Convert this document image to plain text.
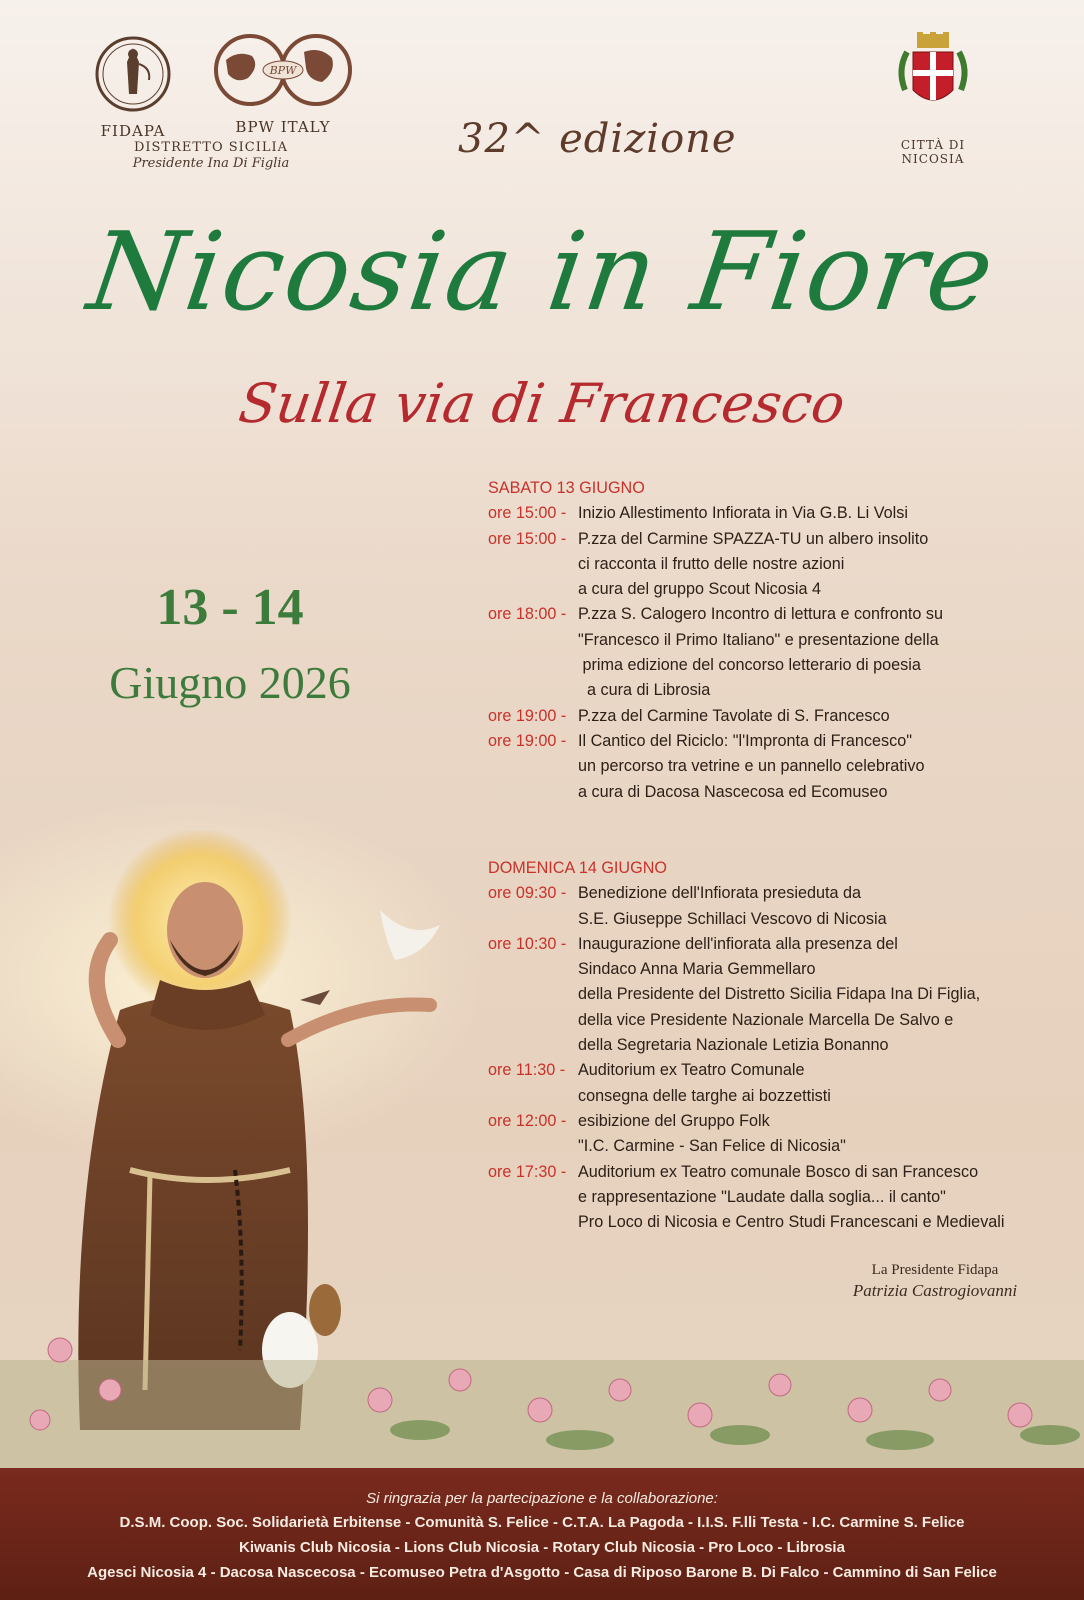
FIDAPA
DISTRETTO SICILIA
Presidente Ina Di Figlia
BPW
BPW ITALY
CITTÀ DI NICOSIA
32^ edizione
Nicosia in Fiore
Sulla via di Francesco
13 - 14
Giugno 2026
SABATO 13 GIUGNO
ore 15:00 - Inizio Allestimento Infiorata in Via G.B. Li Volsi
ore 15:00 - P.zza del Carmine SPAZZA-TU un albero insolito
ci racconta il frutto delle nostre azioni
a cura del gruppo Scout Nicosia 4
ore 18:00 - P.zza S. Calogero Incontro di lettura e confronto su
"Francesco il Primo Italiano" e presentazione della
prima edizione del concorso letterario di poesia
a cura di Librosia
ore 19:00 - P.zza del Carmine Tavolate di S. Francesco
ore 19:00 - Il Cantico del Riciclo: "l'Impronta di Francesco"
un percorso tra vetrine e un pannello celebrativo
a cura di Dacosa Nascecosa ed Ecomuseo
DOMENICA 14 GIUGNO
ore 09:30 - Benedizione dell'Infiorata presieduta da
S.E. Giuseppe Schillaci Vescovo di Nicosia
ore 10:30 - Inaugurazione dell'infiorata alla presenza del
Sindaco Anna Maria Gemmellaro
della Presidente del Distretto Sicilia Fidapa Ina Di Figlia,
della vice Presidente Nazionale Marcella De Salvo e
della Segretaria Nazionale Letizia Bonanno
ore 11:30 - Auditorium ex Teatro Comunale
consegna delle targhe ai bozzettisti
ore 12:00 - esibizione del Gruppo Folk
"I.C. Carmine - San Felice di Nicosia"
ore 17:30 - Auditorium ex Teatro comunale Bosco di san Francesco
e rappresentazione "Laudate dalla soglia... il canto"
Pro Loco di Nicosia e Centro Studi Francescani e Medievali
La Presidente Fidapa
Patrizia Castrogiovanni
Si ringrazia per la partecipazione e la collaborazione:
D.S.M. Coop. Soc. Solidarietà Erbitense - Comunità S. Felice - C.T.A. La Pagoda - I.I.S. F.lli Testa - I.C. Carmine S. Felice
Kiwanis Club Nicosia - Lions Club Nicosia - Rotary Club Nicosia - Pro Loco - Librosia
Agesci Nicosia 4 - Dacosa Nascecosa - Ecomuseo Petra d'Asgotto - Casa di Riposo Barone B. Di Falco - Cammino di San Felice
